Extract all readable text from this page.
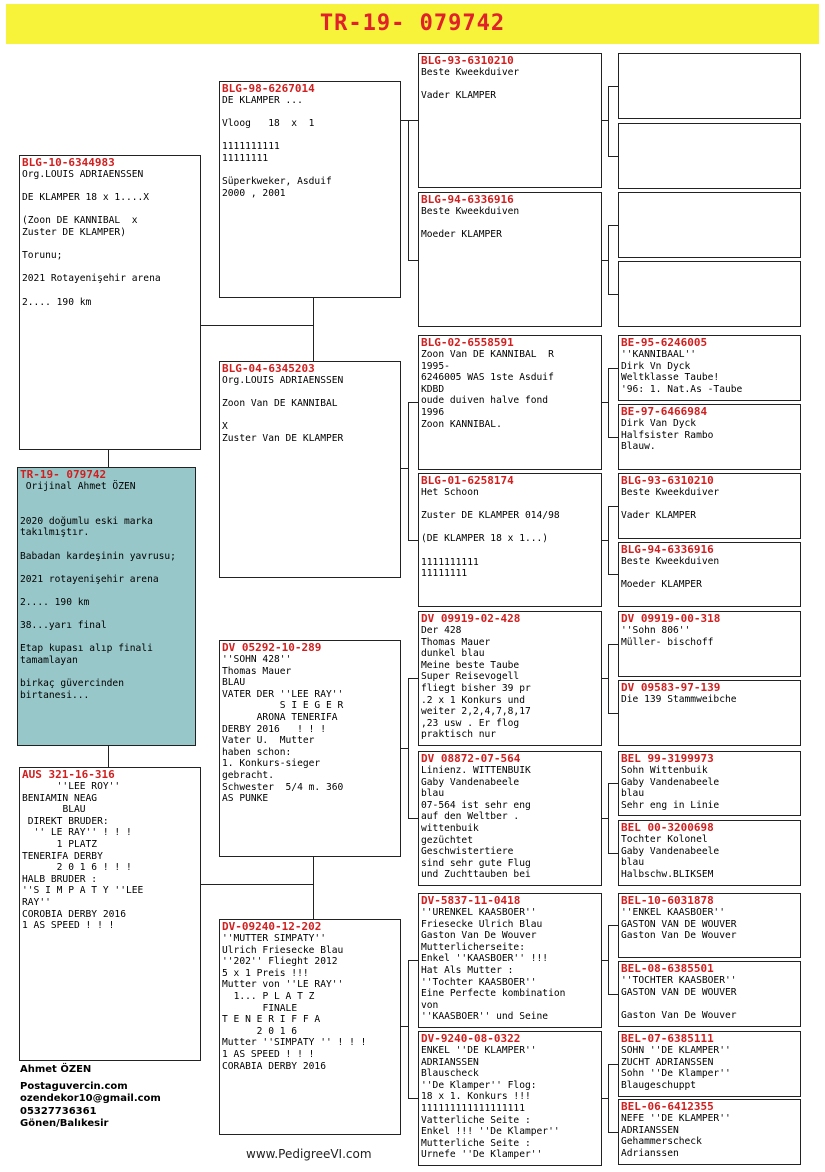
TR-19- 079742
TR-19- 079742
Orijinal Ahmet ÖZEN

2020 doğumlu eski marka takılmıştır.

Babadan kardeşinin yavrusu;

2021 rotayenişehir arena

2.... 190 km

38...yarı final

Etap kupası alıp finali tamamlayan

birkaç güvercinden birtanesi...
BLG-10-6344983
Org.LOUIS ADRIAENSSEN

DE KLAMPER 18 x 1....X

(Zoon DE KANNIBAL  x
Zuster DE KLAMPER)

Torunu;

2021 Rotayenişehir arena

2.... 190 km
AUS 321-16-316
''LEE ROY''
BENIAMIN NEAG
BLAU
DIREKT BRUDER:
'' LE RAY'' ! ! !
1 PLATZ
TENERIFA DERBY
2 0 1 6 ! ! !
HALB BRUDER :
''S I M P A T Y ''LEE
RAY''
COROBIA DERBY 2016
1 AS SPEED ! ! !
BLG-98-6267014
DE KLAMPER ...

Vloog   18  x  1

1111111111
11111111

Süperkweker, Asduif
2000 , 2001
BLG-04-6345203
Org.LOUIS ADRIAENSSEN

Zoon Van DE KANNIBAL

X
Zuster Van DE KLAMPER
DV 05292-10-289
''SOHN 428''
Thomas Mauer
BLAU
VATER DER ''LEE RAY''
S I E G E R
ARONA TENERIFA
DERBY 2016   ! ! !
Vater U.  Mutter
haben schon:
1. Konkurs-sieger
gebracht.
Schwester  5/4 m. 360
AS PUNKE
DV-09240-12-202
''MUTTER SIMPATY''
Ulrich Friesecke Blau
''202'' Flieght 2012
5 x 1 Preis !!!
Mutter von ''LE RAY''
1... P L A T Z
FINALE
T E N E R I F F A
2 0 1 6
Mutter ''SIMPATY '' ! ! !
1 AS SPEED ! ! !
CORABIA DERBY 2016
BLG-93-6310210
Beste Kweekduiver

Vader KLAMPER
BLG-94-6336916
Beste Kweekduiven

Moeder KLAMPER
BLG-02-6558591
Zoon Van DE KANNIBAL  R
1995-
6246005 WAS 1ste Asduif
KDBD
oude duiven halve fond
1996
Zoon KANNIBAL.
BLG-01-6258174
Het Schoon

Zuster DE KLAMPER 014/98

(DE KLAMPER 18 x 1...)

1111111111
11111111
DV 09919-02-428
Der 428
Thomas Mauer
dunkel blau
Meine beste Taube
Super Reisevogell
fliegt bisher 39 pr
.2 x 1 Konkurs und
weiter 2,2,4,7,8,17
,23 usw . Er flog
praktisch nur
DV 08872-07-564
Linienz. WITTENBUIK
Gaby Vandenabeele
blau
07-564 ist sehr eng
auf den Weltber .
wittenbuik
gezüchtet
Geschwistertiere
sind sehr gute Flug
und Zuchttauben bei
DV-5837-11-0418
''URENKEL KAASBOER''
Friesecke Ulrich Blau
Gaston Van De Wouver
Mutterlicherseite:
Enkel ''KAASBOER'' !!!
Hat Als Mutter :
''Tochter KAASBOER''
Eine Perfecte kombination
von
''KAASBOER'' und Seine
DV-9240-08-0322
ENKEL ''DE KLAMPER''
ADRIANSSEN
Blauscheck
''De Klamper'' Flog:
18 x 1. Konkurs !!!
111111111111111111
Vatterliche Seite :
Enkel !!! ''De Klamper''
Mutterliche Seite :
Urnefe ''De Klamper''
BE-95-6246005
''KANNIBAAL''
Dirk Vn Dyck
Weltklasse Taube!
'96: 1. Nat.As -Taube
BE-97-6466984
Dirk Van Dyck
Halfsister Rambo
Blauw.
BLG-93-6310210
Beste Kweekduiver

Vader KLAMPER
BLG-94-6336916
Beste Kweekduiven

Moeder KLAMPER
DV 09919-00-318
''Sohn 806''
Müller- bischoff
DV 09583-97-139
Die 139 Stammweibche
BEL 99-3199973
Sohn Wittenbuik
Gaby Vandenabeele
blau
Sehr eng in Linie
BEL 00-3200698
Tochter Kolonel
Gaby Vandenabeele
blau
Halbschw.BLIKSEM
BEL-10-6031878
''ENKEL KAASBOER''
GASTON VAN DE WOUVER
Gaston Van De Wouver
BEL-08-6385501
''TOCHTER KAASBOER''
GASTON VAN DE WOUVER

Gaston Van De Wouver
BEL-07-6385111
SOHN ''DE KLAMPER''
ZUCHT ADRIANSSEN
Sohn ''De Klamper''
Blaugeschuppt
BEL-06-6412355
NEFE ''DE KLAMPER''
ADRIANSSEN
Gehammerscheck
Adrianssen
Ahmet ÖZEN
Postaguvercin.com
ozendekor10@gmail.com
05327736361
Gönen/Balıkesir
www.PedigreeVI.com
